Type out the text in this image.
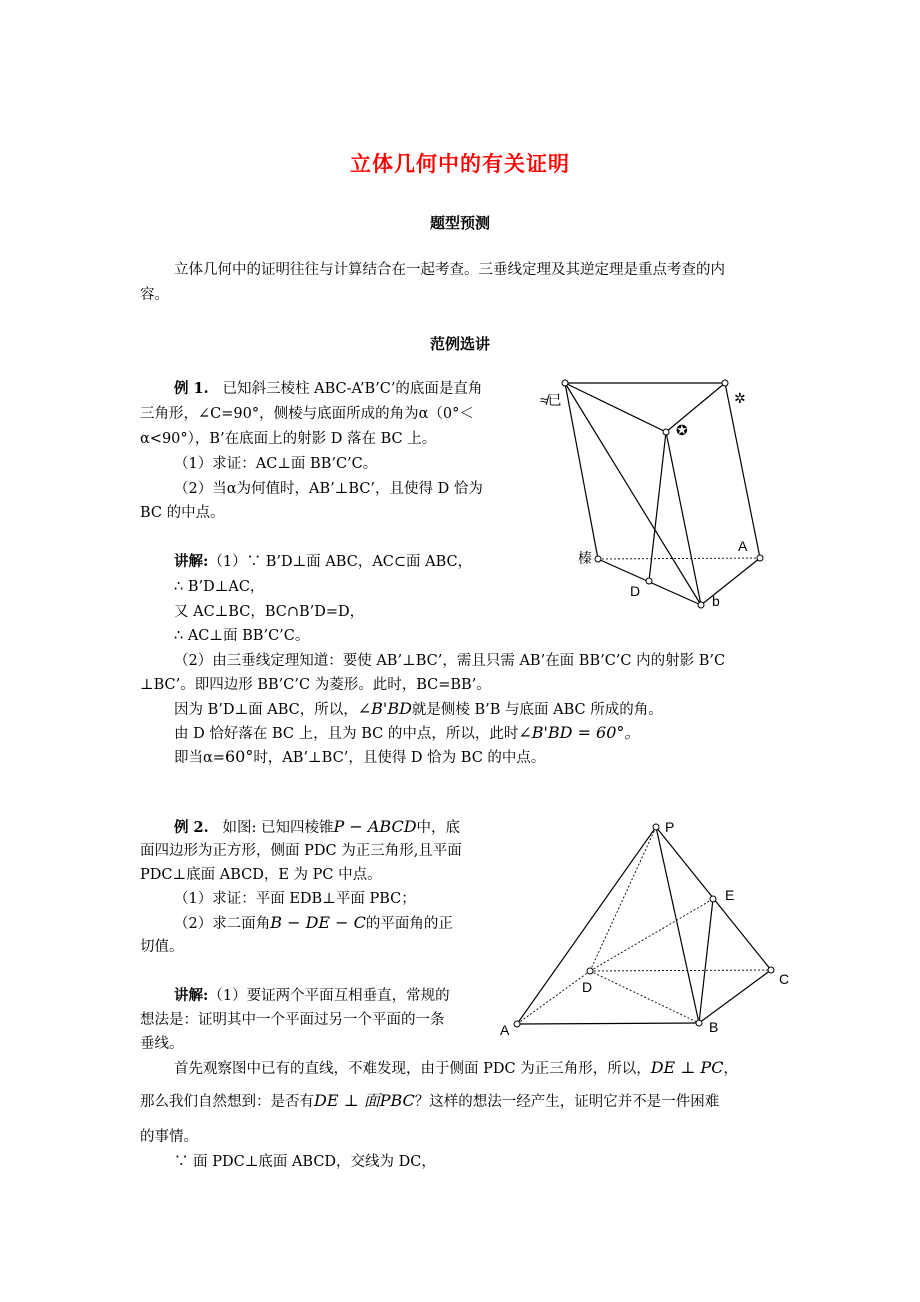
立体几何中的有关证明
题型预测
立体几何中的证明往往与计算结合在一起考查。三垂线定理及其逆定理是重点考查的内
容。
范例选讲
例 1. 已知斜三棱柱 ABC-A’B’C’的底面是直角
三角形，∠C=90°，侧棱与底面所成的角为α（0°＜
α<90°），B’在底面上的射影 D 落在 BC 上。
（1）求证：AC⊥面 BB’C’C。
（2）当α为何值时，AB’⊥BC’，且使得 D 恰为
BC 的中点。
讲解:（1）∵ B’D⊥面 ABC，AC⊂面 ABC，
∴ B’D⊥AC，
又 AC⊥BC，BC∩B’D=D，
∴ AC⊥面 BB’C’C。
（2）由三垂线定理知道：要使 AB’⊥BC’，需且只需 AB’在面 BB’C’C 内的射影 B’C
⊥BC’。即四边形 BB’C’C 为菱形。此时，BC=BB’。
因为 B’D⊥面 ABC，所以，∠B'BD就是侧棱 B’B 与底面 ABC 所成的角。
由 D 恰好落在 BC 上，且为 BC 的中点，所以，此时∠B'BD = 60°。
即当α=60°时，AB’⊥BC’，且使得 D 恰为 BC 的中点。
≉已	✲
✪
A
榛
D
b
例 2. 如图: 已知四棱锥P − ABCD中，底
面四边形为正方形，侧面 PDC 为正三角形,且平面
PDC⊥底面 ABCD，E 为 PC 中点。
（1）求证：平面 EDB⊥平面 PBC；
（2）求二面角B − DE − C的平面角的正
切值。
讲解:（1）要证两个平面互相垂直，常规的
想法是：证明其中一个平面过另一个平面的一条
垂线。
首先观察图中已有的直线，不难发现，由于侧面 PDC 为正三角形，所以，DE ⊥ PC，
那么我们自然想到：是否有DE ⊥ 面PBC？这样的想法一经产生，证明它并不是一件困难
的事情。
∵ 面 PDC⊥底面 ABCD，交线为 DC，
P
E
D	C
A	B
